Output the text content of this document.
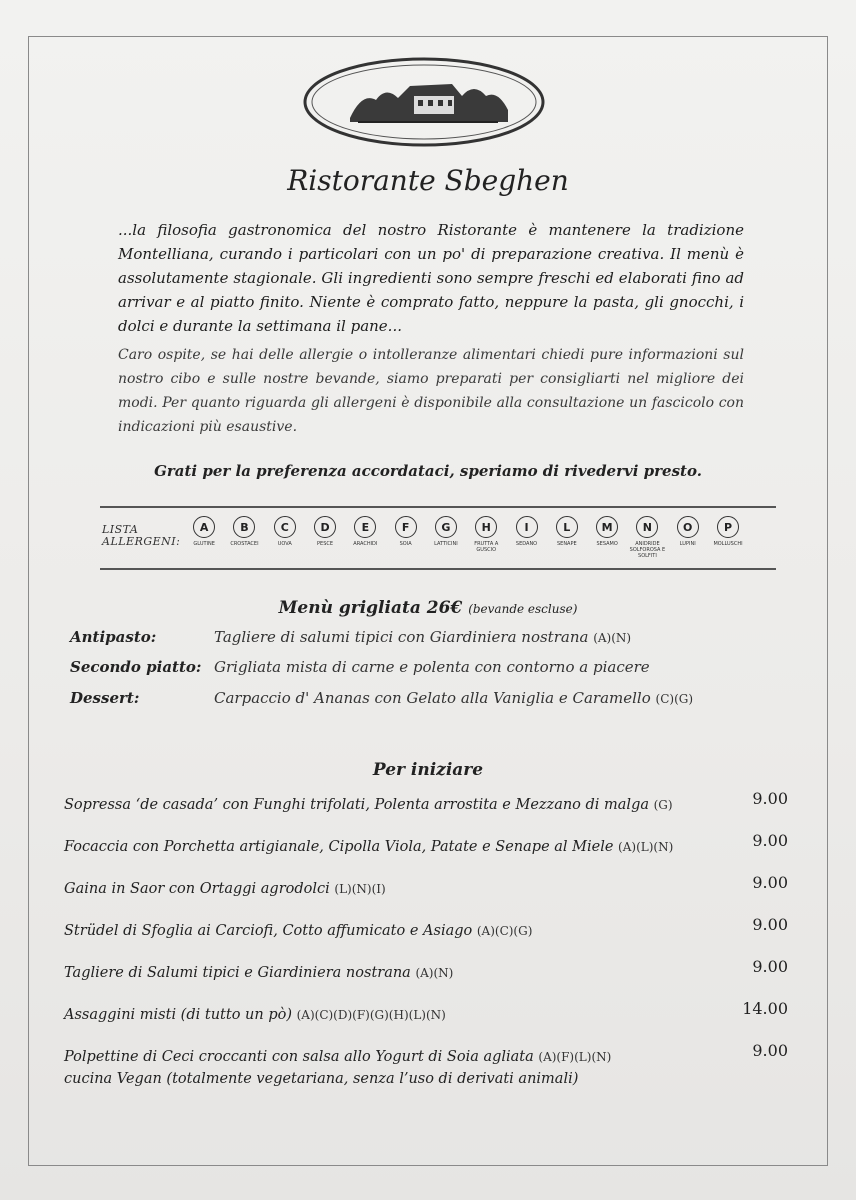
Ristorante Sbeghen
...la filosofia gastronomica del nostro Ristorante è mantenere la tradizione Montelliana, curando i particolari con un po' di preparazione creativa. Il menù è assolutamente stagionale. Gli ingredienti sono sempre freschi ed elaborati fino ad arrivar e al piatto finito. Niente è comprato fatto, neppure la pasta, gli gnocchi, i dolci e durante la settimana il pane...
Caro ospite, se hai delle allergie o intolleranze alimentari chiedi pure informazioni sul nostro cibo e sulle nostre bevande, siamo preparati per consigliarti nel migliore dei modi. Per quanto riguarda gli allergeni è disponibile alla consultazione un fascicolo con indicazioni più esaustive.
Grati per la preferenza accordataci, speriamo di rivedervi presto.
LISTA
ALLERGENI:
A
GLUTINE
B
CROSTACEI
C
UOVA
D
PESCE
E
ARACHIDI
F
SOIA
G
LATTICINI
H
FRUTTA A GUSCIO
I
SEDANO
L
SENAPE
M
SESAMO
N
ANIDRIDE SOLFOROSA E SOLFITI
O
LUPINI
P
MOLLUSCHI
Menù grigliata 26€ (bevande escluse)
Antipasto:	Tagliere di salumi tipici con Giardiniera nostrana (A)(N)
Secondo piatto: Grigliata mista di carne e polenta con contorno a piacere
Dessert:	Carpaccio d' Ananas con Gelato alla Vaniglia e Caramello (C)(G)
Per iniziare
Sopressa ‘de casada’ con Funghi trifolati, Polenta arrostita e Mezzano di malga (G)	9.00
Focaccia con Porchetta artigianale, Cipolla Viola, Patate e Senape al Miele (A)(L)(N)	9.00
Gaina in Saor con Ortaggi agrodolci (L)(N)(I)	9.00
Strüdel di Sfoglia ai Carciofi, Cotto affumicato e Asiago (A)(C)(G)	9.00
Tagliere di Salumi tipici e Giardiniera nostrana (A)(N)	9.00
Assaggini misti (di tutto un pò) (A)(C)(D)(F)(G)(H)(L)(N)	14.00
Polpettine di Ceci croccanti con salsa allo Yogurt di Soia agliata (A)(F)(L)(N)	9.00
cucina Vegan (totalmente vegetariana, senza l’uso di derivati animali)
